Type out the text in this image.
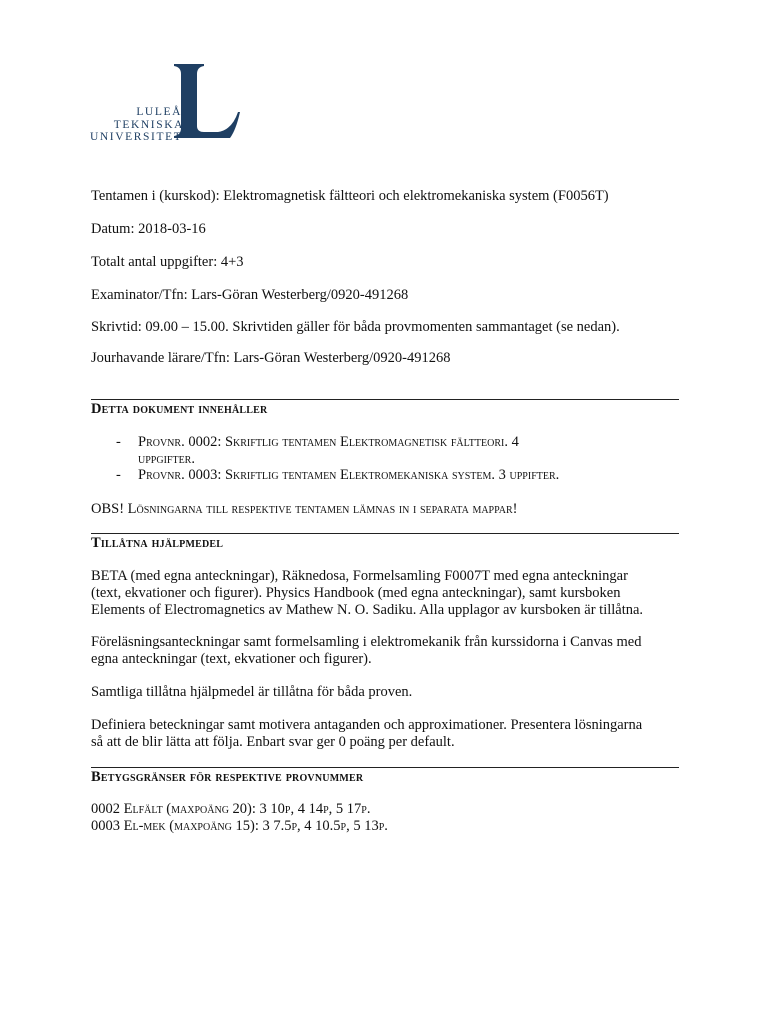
LULEÅ
TEKNISKA
UNIVERSITET
Tentamen i (kurskod): Elektromagnetisk fältteori och elektromekaniska system (F0056T)
Datum: 2018-03-16
Totalt antal uppgifter: 4+3
Examinator/Tfn: Lars-Göran Westerberg/0920-491268
Skrivtid: 09.00 – 15.00. Skrivtiden gäller för båda provmomenten sammantaget (se nedan).
Jourhavande lärare/Tfn: Lars-Göran Westerberg/0920-491268
Detta dokument innehåller
- Provnr. 0002: Skriftlig tentamen Elektromagnetisk fältteori. 4
uppgifter.
- Provnr. 0003: Skriftlig tentamen Elektromekaniska system. 3 uppifter.
OBS! Lösningarna till respektive tentamen lämnas in i separata mappar!
Tillåtna hjälpmedel
BETA (med egna anteckningar), Räknedosa, Formelsamling F0007T med egna anteckningar
(text, ekvationer och figurer). Physics Handbook (med egna anteckningar), samt kursboken
Elements of Electromagnetics av Mathew N. O. Sadiku. Alla upplagor av kursboken är tillåtna.
Föreläsningsanteckningar samt formelsamling i elektromekanik från kurssidorna i Canvas med
egna anteckningar (text, ekvationer och figurer).
Samtliga tillåtna hjälpmedel är tillåtna för båda proven.
Definiera beteckningar samt motivera antaganden och approximationer. Presentera lösningarna
så att de blir lätta att följa. Enbart svar ger 0 poäng per default.
Betygsgränser för respektive provnummer
0002 Elfält (maxpoäng 20): 3 10p, 4 14p, 5 17p.
0003 El-mek (maxpoäng 15): 3 7.5p, 4 10.5p, 5 13p.
